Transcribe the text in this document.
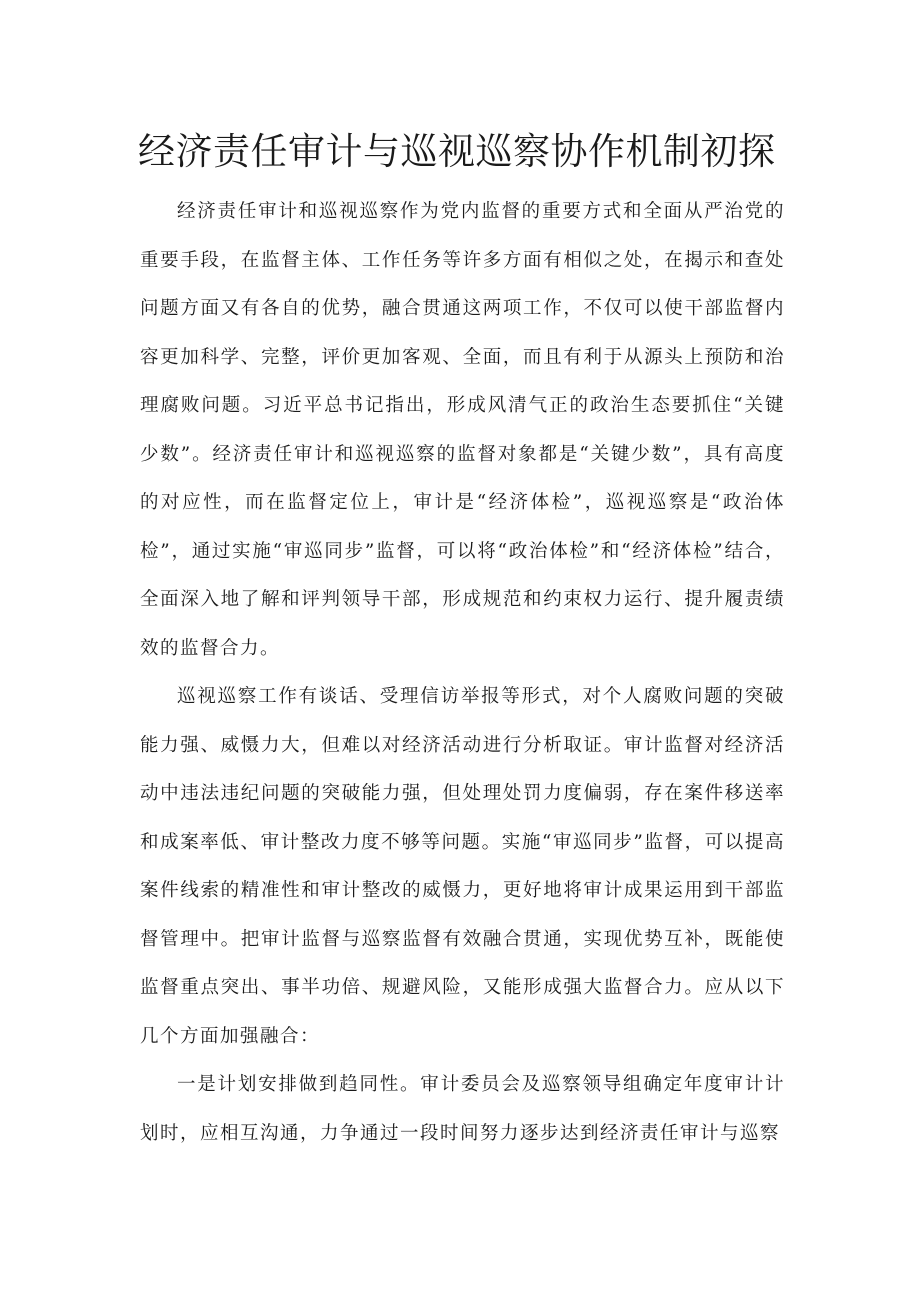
经济责任审计与巡视巡察协作机制初探

经济责任审计和巡视巡察作为党内监督的重要方式和全面从严治党的重要手段，在监督主体、工作任务等许多方面有相似之处，在揭示和查处问题方面又有各自的优势，融合贯通这两项工作，不仅可以使干部监督内容更加科学、完整，评价更加客观、全面，而且有利于从源头上预防和治理腐败问题。习近平总书记指出，形成风清气正的政治生态要抓住“关键少数”。经济责任审计和巡视巡察的监督对象都是“关键少数”，具有高度的对应性，而在监督定位上，审计是“经济体检”，巡视巡察是“政治体检”，通过实施“审巡同步”监督，可以将“政治体检”和“经济体检”结合，全面深入地了解和评判领导干部，形成规范和约束权力运行、提升履责绩效的监督合力。

巡视巡察工作有谈话、受理信访举报等形式，对个人腐败问题的突破能力强、威慑力大，但难以对经济活动进行分析取证。审计监督对经济活动中违法违纪问题的突破能力强，但处理处罚力度偏弱，存在案件移送率和成案率低、审计整改力度不够等问题。实施“审巡同步”监督，可以提高案件线索的精准性和审计整改的威慑力，更好地将审计成果运用到干部监督管理中。把审计监督与巡察监督有效融合贯通，实现优势互补，既能使监督重点突出、事半功倍、规避风险，又能形成强大监督合力。应从以下几个方面加强融合：

一是计划安排做到趋同性。审计委员会及巡察领导组确定年度审计计划时，应相互沟通，力争通过一段时间努力逐步达到经济责任审计与巡察
